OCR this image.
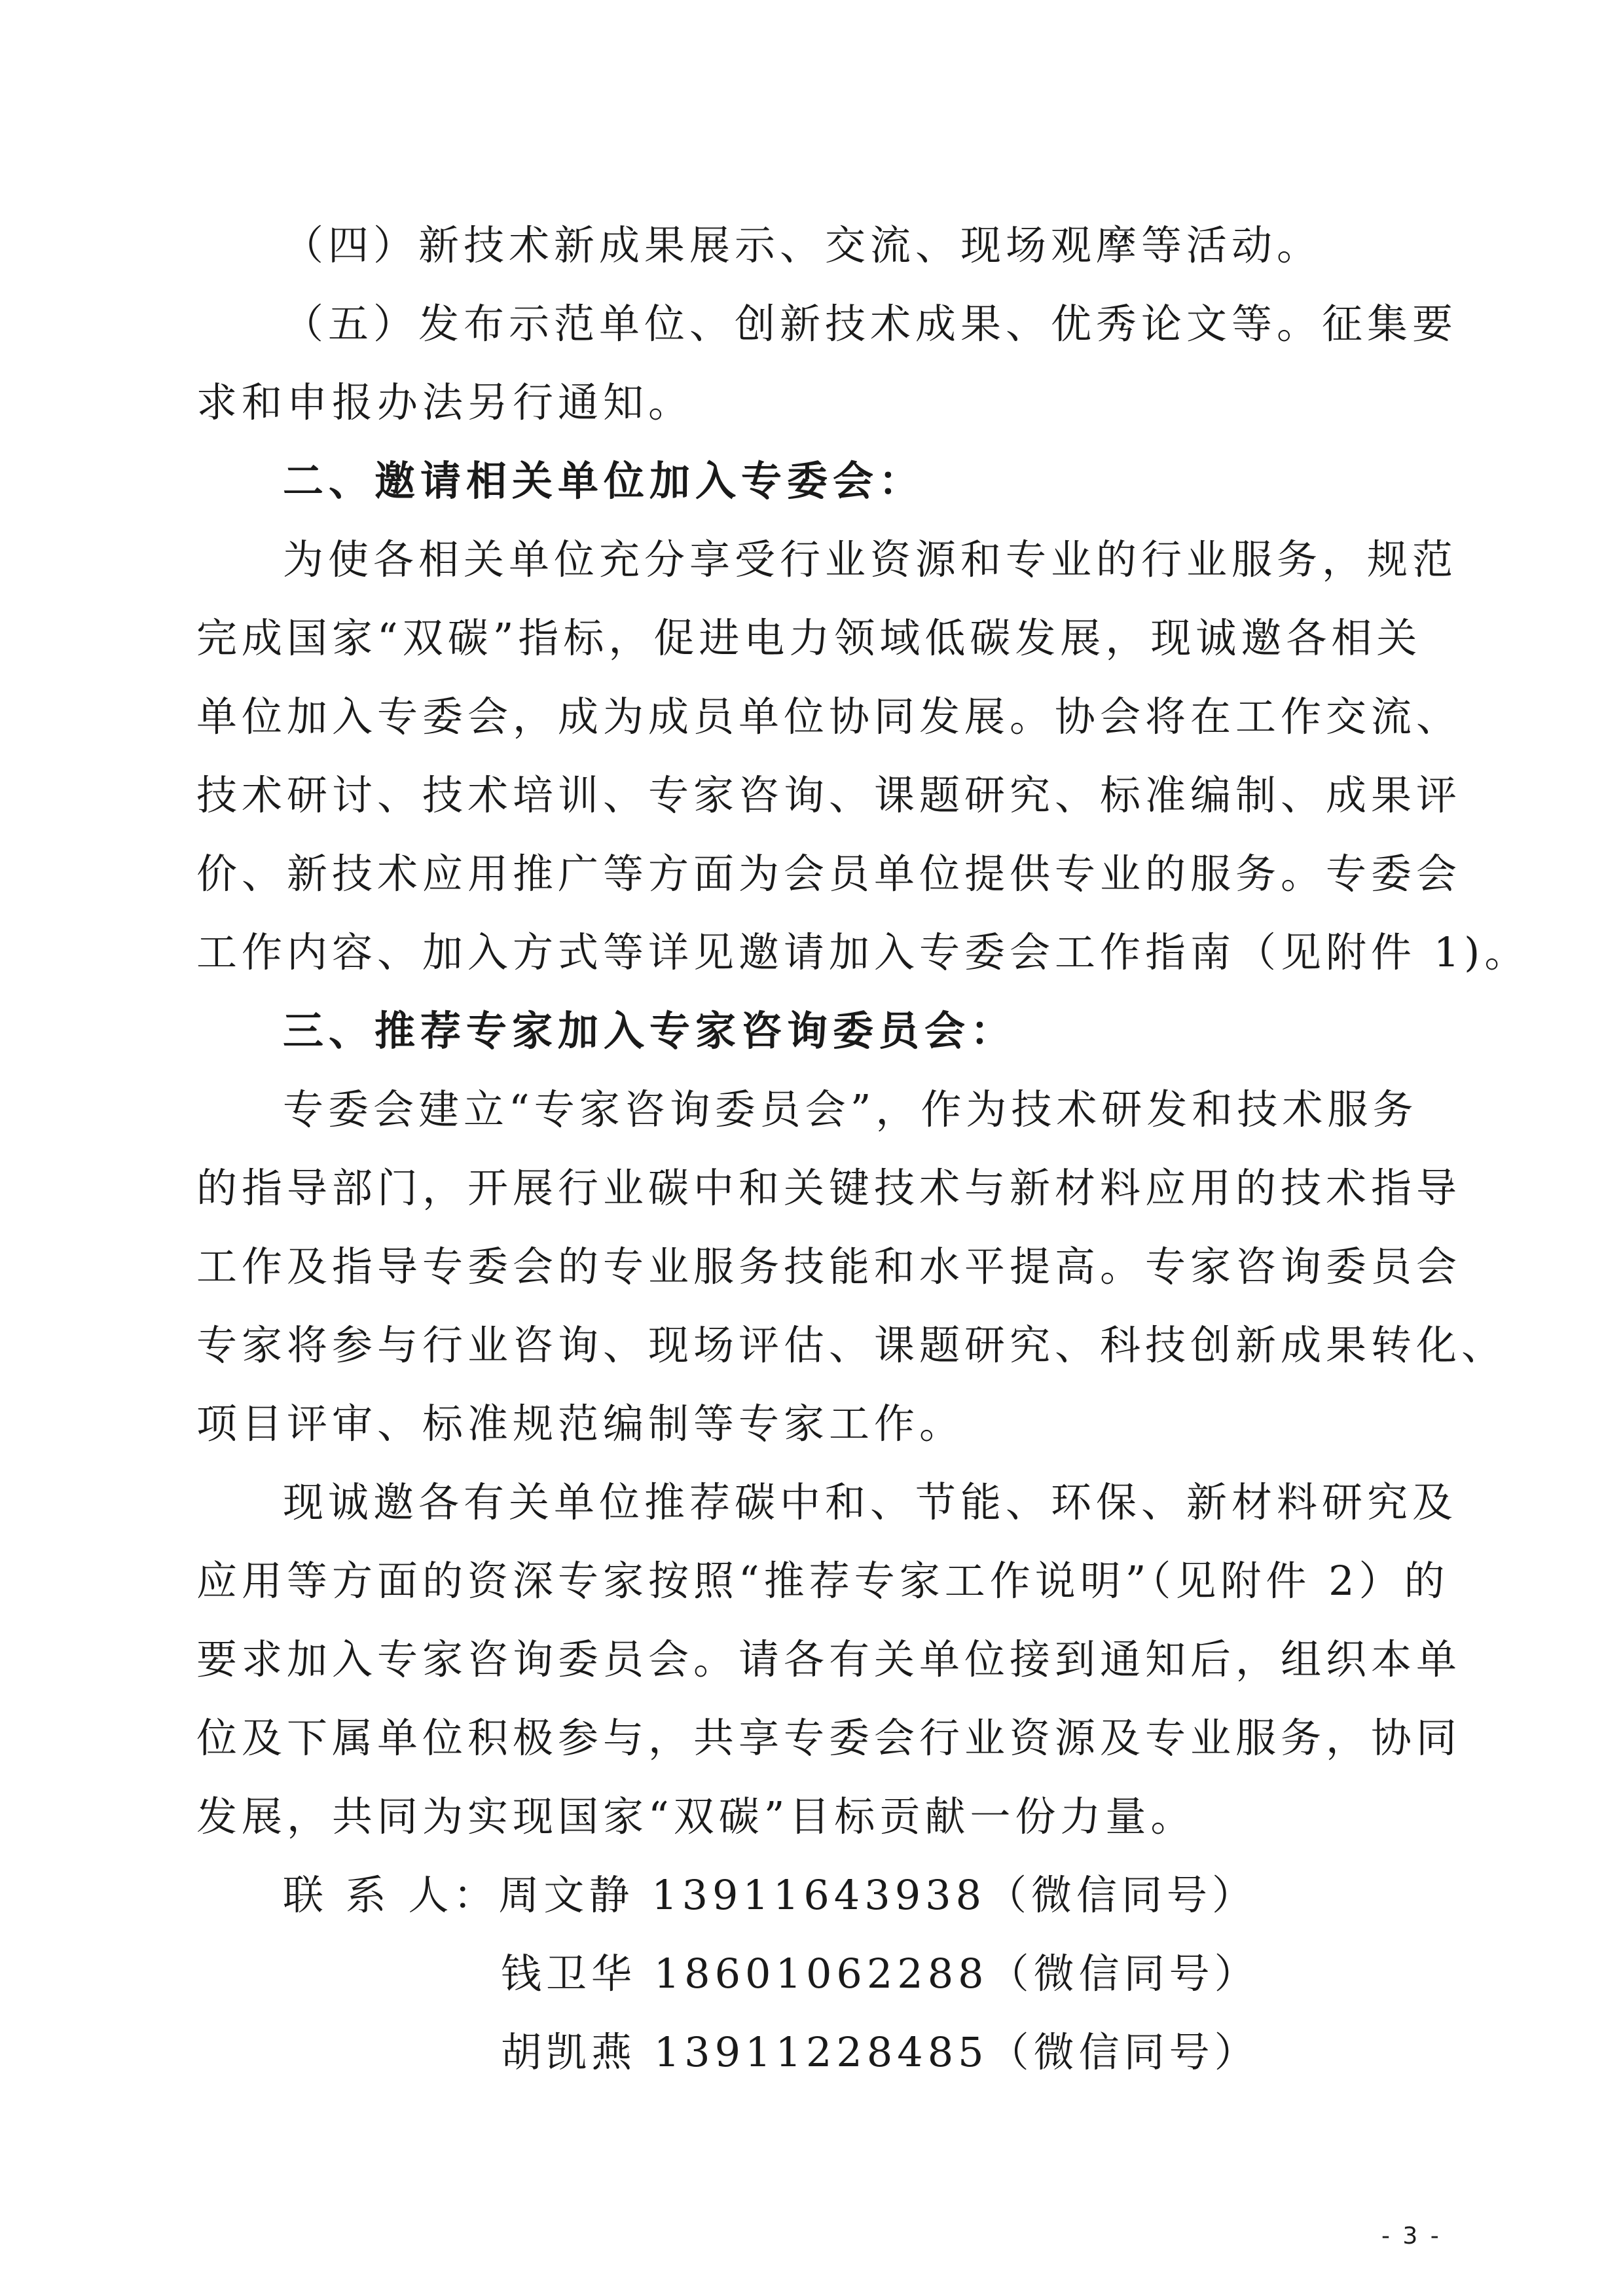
（四）新技术新成果展示、交流、现场观摩等活动。
（五）发布示范单位、创新技术成果、优秀论文等。征集要
求和申报办法另行通知。
二、邀请相关单位加入专委会：
为使各相关单位充分享受行业资源和专业的行业服务，规范
完成国家“双碳”指标，促进电力领域低碳发展，现诚邀各相关
单位加入专委会，成为成员单位协同发展。协会将在工作交流、
技术研讨、技术培训、专家咨询、课题研究、标准编制、成果评
价、新技术应用推广等方面为会员单位提供专业的服务。专委会
工作内容、加入方式等详见邀请加入专委会工作指南（见附件 1)。
三、推荐专家加入专家咨询委员会：
专委会建立“专家咨询委员会”，作为技术研发和技术服务
的指导部门，开展行业碳中和关键技术与新材料应用的技术指导
工作及指导专委会的专业服务技能和水平提高。专家咨询委员会
专家将参与行业咨询、现场评估、课题研究、科技创新成果转化、
项目评审、标准规范编制等专家工作。
现诚邀各有关单位推荐碳中和、节能、环保、新材料研究及
应用等方面的资深专家按照“推荐专家工作说明”（见附件 2）的
要求加入专家咨询委员会。请各有关单位接到通知后，组织本单
位及下属单位积极参与，共享专委会行业资源及专业服务，协同
发展，共同为实现国家“双碳”目标贡献一份力量。
联 系 人：周文静 13911643938（微信同号）
钱卫华 18601062288（微信同号）
胡凯燕 13911228485（微信同号）
- 3 -
